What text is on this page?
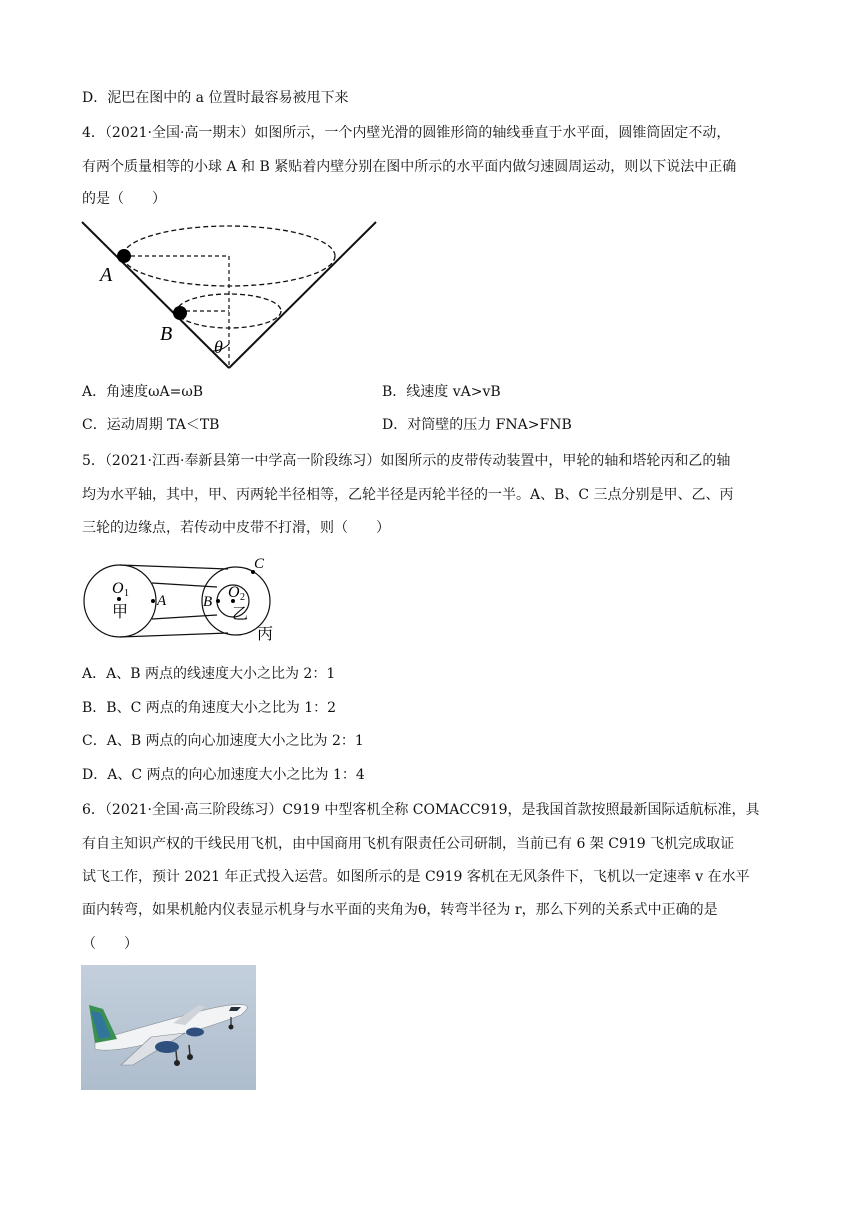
D．泥巴在图中的 a 位置时最容易被甩下来
4．（2021·全国·高一期末）如图所示，一个内壁光滑的圆锥形筒的轴线垂直于水平面，圆锥筒固定不动，
有两个质量相等的小球 A 和 B 紧贴着内壁分别在图中所示的水平面内做匀速圆周运动，则以下说法中正确
的是（　　）
A
B
θ
A．角速度ωA=ωB	B．线速度 vA>vB
C．运动周期 TA＜TB	D．对筒壁的压力 FNA>FNB
5．（2021·江西·奉新县第一中学高一阶段练习）如图所示的皮带传动装置中，甲轮的轴和塔轮丙和乙的轴
均为水平轴，其中，甲、丙两轮半径相等，乙轮半径是丙轮半径的一半。A、B、C 三点分别是甲、乙、丙
三轮的边缘点，若传动中皮带不打滑，则（　　）
O 1
甲
A B
O 2
乙
C
丙
A．A、B 两点的线速度大小之比为 2：1
B．B、C 两点的角速度大小之比为 1：2
C．A、B 两点的向心加速度大小之比为 2：1
D．A、C 两点的向心加速度大小之比为 1：4
6．（2021·全国·高三阶段练习）C919 中型客机全称 COMACC919，是我国首款按照最新国际适航标准，具
有自主知识产权的干线民用飞机，由中国商用飞机有限责任公司研制，当前已有 6 架 C919 飞机完成取证
试飞工作，预计 2021 年正式投入运营。如图所示的是 C919 客机在无风条件下，飞机以一定速率 v 在水平
面内转弯，如果机舱内仪表显示机身与水平面的夹角为θ，转弯半径为 r，那么下列的关系式中正确的是
（　　）
